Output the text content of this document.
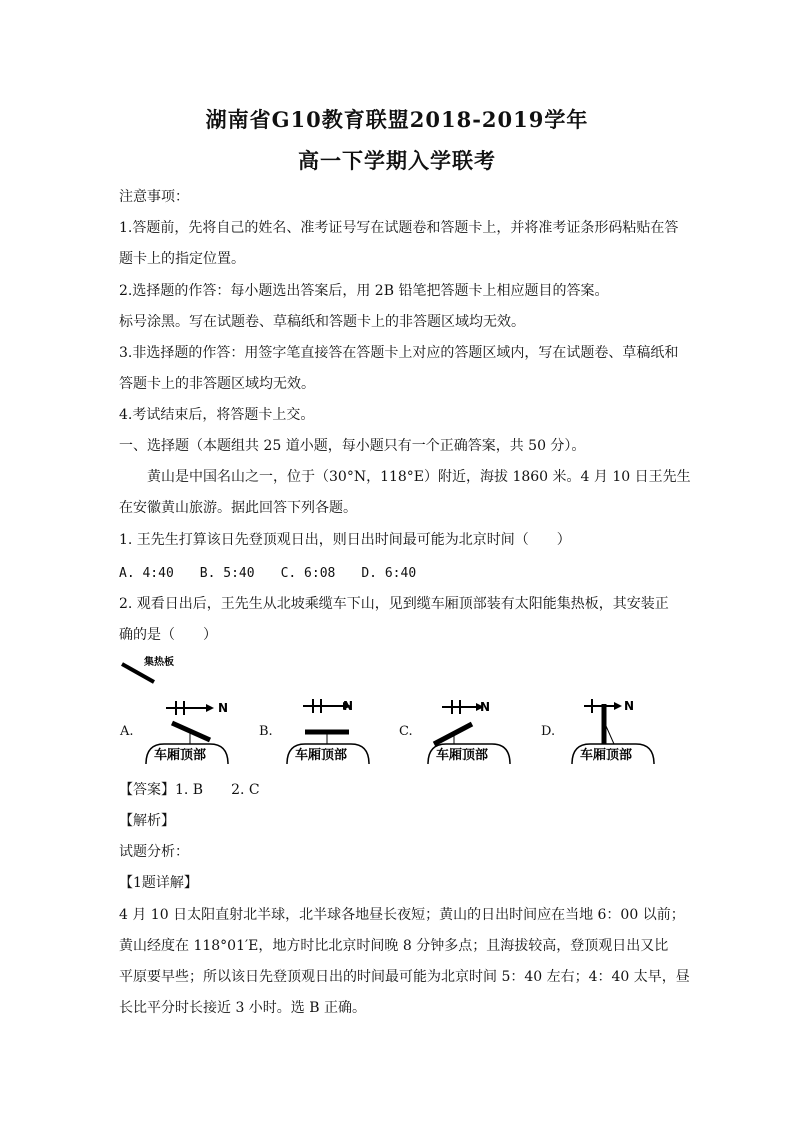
湖南省G10教育联盟2018-2019学年
高一下学期入学联考
注意事项：
1.答题前，先将自己的姓名、准考证号写在试题卷和答题卡上，并将准考证条形码粘贴在答
题卡上的指定位置。
2.选择题的作答：每小题选出答案后，用 2B 铅笔把答题卡上相应题目的答案。
标号涂黑。写在试题卷、草稿纸和答题卡上的非答题区域均无效。
3.非选择题的作答：用签字笔直接答在答题卡上对应的答题区域内，写在试题卷、草稿纸和
答题卡上的非答题区域均无效。
4.考试结束后，将答题卡上交。
一、选择题（本题组共 25 道小题，每小题只有一个正确答案，共 50 分）。
黄山是中国名山之一，位于（30°N，118°E）附近，海拔 1860 米。4 月 10 日王先生
在安徽黄山旅游。据此回答下列各题。
1. 王先生打算该日先登顶观日出，则日出时间最可能为北京时间（　　）
A. 4:40　　B. 5:40　　C. 6:08　　D. 6:40
2. 观看日出后，王先生从北坡乘缆车下山，见到缆车厢顶部装有太阳能集热板，其安装正
确的是（　　）
集热板
A.
N
车厢顶部
B.
N
车厢顶部
C.
N
车厢顶部
D.
N
车厢顶部
【答案】1. B　　2. C
【解析】
试题分析：
【1题详解】
4 月 10 日太阳直射北半球，北半球各地昼长夜短；黄山的日出时间应在当地 6：00 以前；
黄山经度在 118°01′E，地方时比北京时间晚 8 分钟多点；且海拔较高，登顶观日出又比
平原要早些；所以该日先登顶观日出的时间最可能为北京时间 5：40 左右；4：40 太早，昼
长比平分时长接近 3 小时。选 B 正确。
